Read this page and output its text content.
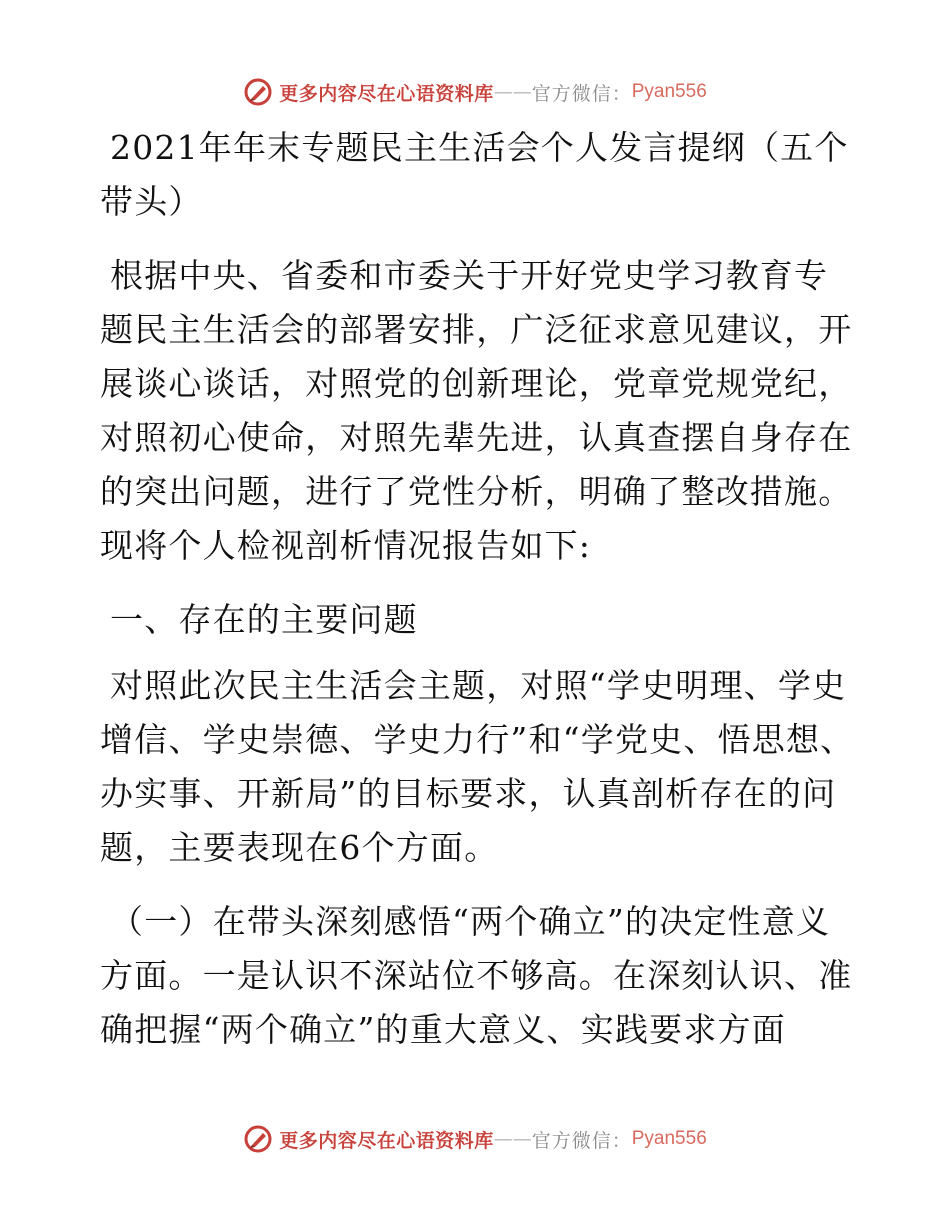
更多内容尽在心语资料库 —— 官方微信： Pyan556

2021年年末专题民主生活会个人发言提纲（五个带头）

根据中央、省委和市委关于开好党史学习教育专题民主生活会的部署安排，广泛征求意见建议，开展谈心谈话，对照党的创新理论，党章党规党纪，对照初心使命，对照先辈先进，认真查摆自身存在的突出问题，进行了党性分析，明确了整改措施。现将个人检视剖析情况报告如下:

一、存在的主要问题

对照此次民主生活会主题，对照“学史明理、学史增信、学史崇德、学史力行”和“学党史、悟思想、办实事、开新局”的目标要求，认真剖析存在的问题，主要表现在6个方面。

（一）在带头深刻感悟“两个确立”的决定性意义方面。一是认识不深站位不够高。在深刻认识、准确把握“两个确立”的重大意义、实践要求方面

更多内容尽在心语资料库 —— 官方微信： Pyan556
